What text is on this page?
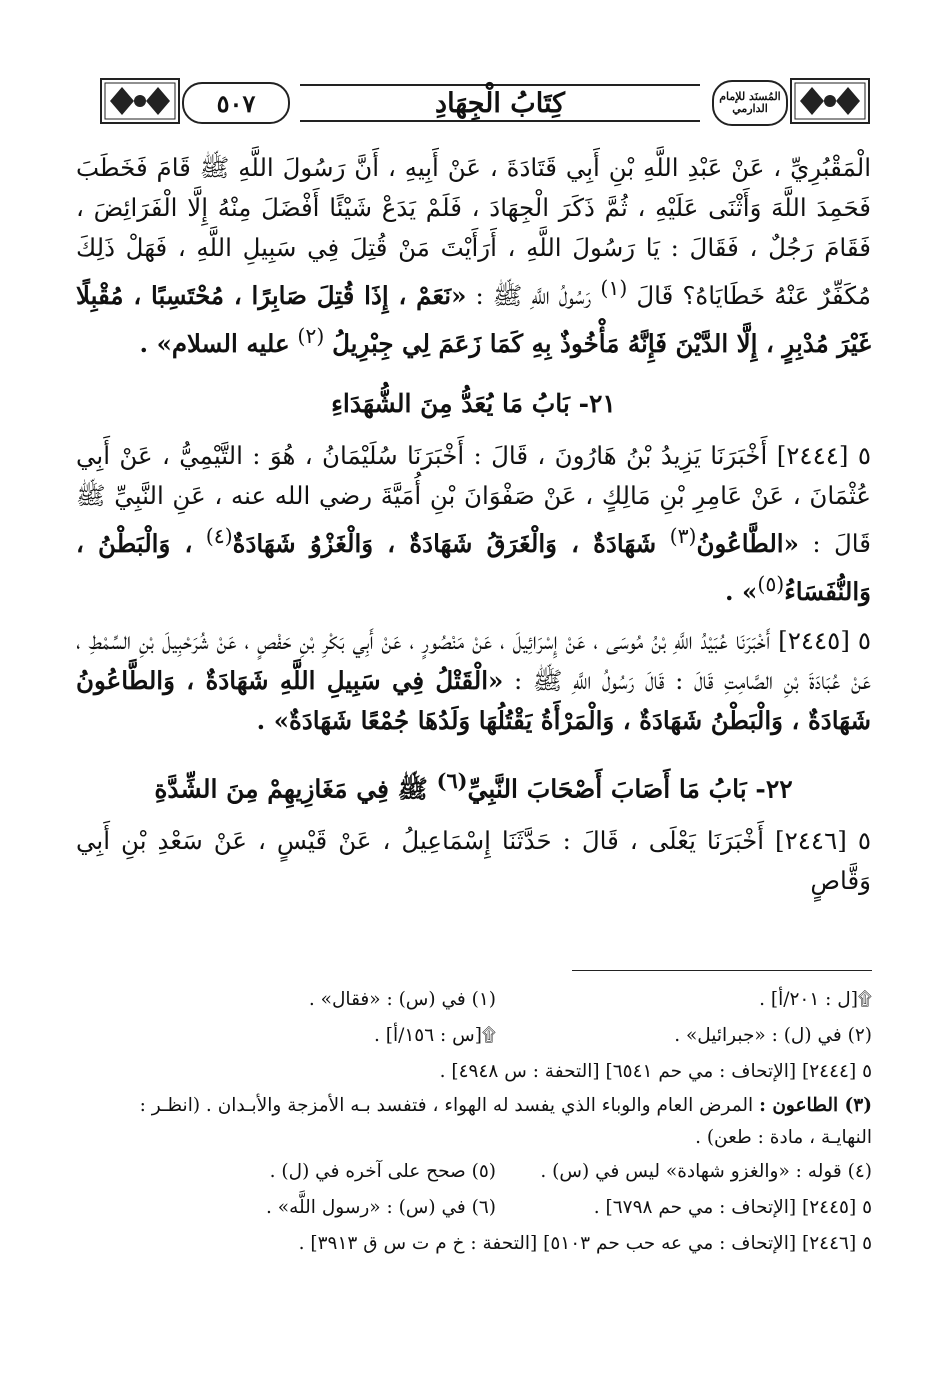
٥٠٧	كِتَابُ الْجِهَادِ	المُسنَد للإمام الدارمي

الْمَقْبُرِيِّ ، عَنْ عَبْدِ اللَّهِ بْنِ أَبِي قَتَادَةَ ، عَنْ أَبِيهِ ، أَنَّ رَسُولَ اللَّهِ ﷺ قَامَ فَخَطَبَ فَحَمِدَ اللَّهَ وَأَثْنَى عَلَيْهِ ، ثُمَّ ذَكَرَ الْجِهَادَ ، فَلَمْ يَدَعْ شَيْئًا أَفْضَلَ مِنْهُ إِلَّا الْفَرَائِضَ ، فَقَامَ رَجُلٌ ، فَقَالَ : يَا رَسُولَ اللَّهِ ، أَرَأَيْتَ مَنْ قُتِلَ فِي سَبِيلِ اللَّهِ ، فَهَلْ ذَلِكَ مُكَفِّرٌ عَنْهُ خَطَايَاهُ؟ قَالَ $^{(١)}$ رَسُولُ اللَّهِ ﷺ : «نَعَمْ ، إِذَا قُتِلَ صَابِرًا ، مُحْتَسِبًا ، مُقْبِلًا غَيْرَ مُدْبِرٍ ، إِلَّا الدَّيْنَ فَإِنَّهُ مَأْخُوذٌ بِهِ كَمَا زَعَمَ لِي جِبْرِيلُ $^{(٢)}$ عليه السلام» .

٢١- بَابُ مَا يُعَدُّ مِنَ الشُّهَدَاءِ

٥ [٢٤٤٤] أَخْبَرَنَا يَزِيدُ بْنُ هَارُونَ ، قَالَ : أَخْبَرَنَا سُلَيْمَانُ ، هُوَ : التَّيْمِيُّ ، عَنْ أَبِي عُثْمَانَ ، عَنْ عَامِرِ بْنِ مَالِكٍ ، عَنْ صَفْوَانَ بْنِ أُمَيَّةَ رضي الله عنه ، عَنِ النَّبِيِّ ﷺ قَالَ : «الطَّاعُونُ$^{(٣)}$ شَهَادَةٌ ، وَالْغَرَقُ شَهَادَةٌ ، وَالْغَزْوُ شَهَادَةٌ$^{(٤)}$ ، وَالْبَطْنُ ، وَالنُّفَسَاءُ$^{(٥)}$» .

٥ [٢٤٤٥] أَخْبَرَنَا عُبَيْدُ اللَّهِ بْنُ مُوسَى ، عَنْ إِسْرَائِيلَ ، عَنْ مَنْصُورٍ ، عَنْ أَبِي بَكْرِ بْنِ حَفْصٍ ، عَنْ شُرَحْبِيلَ بْنِ السِّمْطِ ، عَنْ عُبَادَةَ بْنِ الصَّامِتِ قَالَ : قَالَ رَسُولُ اللَّهِ ﷺ : «الْقَتْلُ فِي سَبِيلِ اللَّهِ شَهَادَةٌ ، وَالطَّاعُونُ شَهَادَةٌ ، وَالْبَطْنُ شَهَادَةٌ ، وَالْمَرْأَةُ يَقْتُلُهَا وَلَدُهَا جُمْعًا شَهَادَةٌ» .

٢٢- بَابُ مَا أَصَابَ أَصْحَابَ النَّبِيِّ$^{(٦)}$ ﷺ فِي مَغَازِيهِمْ مِنَ الشِّدَّةِ

٥ [٢٤٤٦] أَخْبَرَنَا يَعْلَى ، قَالَ : حَدَّثَنَا إِسْمَاعِيلُ ، عَنْ قَيْسٍ ، عَنْ سَعْدِ بْنِ أَبِي وَقَّاصٍ

۩[ل : ٢٠١/أ] .
(١) في (س) : «فقال» .
(٢) في (ل) : «جبرائيل» .
۩[س : ١٥٦/أ] .
٥ [٢٤٤٤] [الإتحاف : مي حم ٦٥٤١] [التحفة : س ٤٩٤٨] .
(٣) الطاعون : المرض العام والوباء الذي يفسد له الهواء ، فتفسد بـه الأمزجة والأبـدان . (انظـر : النهايـة ، مادة : طعن) .
(٤) قوله : «والغزو شهادة» ليس في (س) .
(٥) صحح على آخره في (ل) .
٥ [٢٤٤٥] [الإتحاف : مي حم ٦٧٩٨] .
(٦) في (س) : «رسول اللَّه» .
٥ [٢٤٤٦] [الإتحاف : مي عه حب حم ٥١٠٣] [التحفة : خ م ت س ق ٣٩١٣] .
